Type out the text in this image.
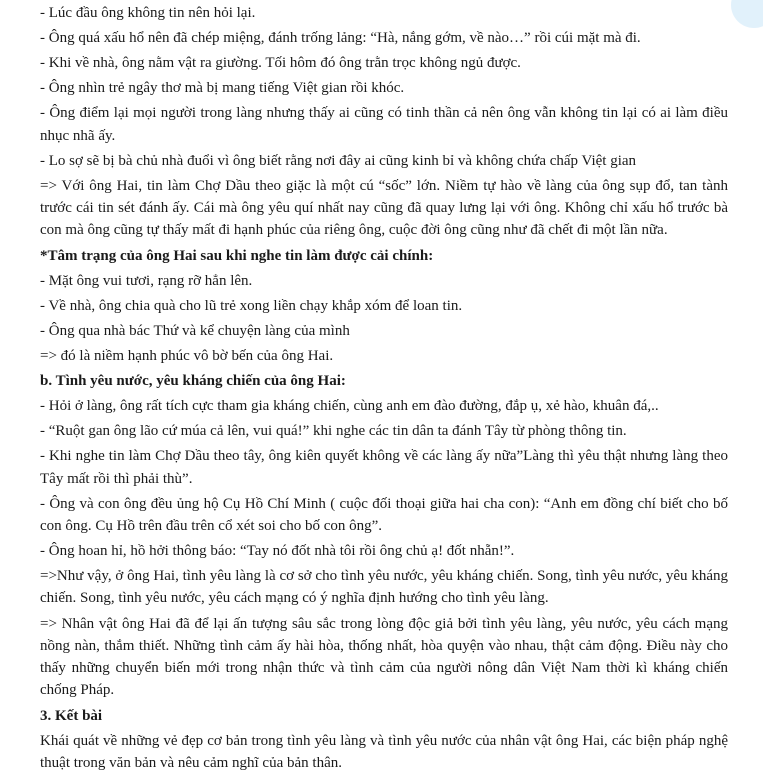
- Lúc đầu ông không tin nên hỏi lại.

- Ông quá xấu hổ nên đã chép miệng, đánh trống lảng: “Hà, nắng gớm, về nào…” rồi cúi mặt mà đi.

- Khi về nhà, ông nằm vật ra giường. Tối hôm đó ông trằn trọc không ngủ được.

- Ông nhìn trẻ ngây thơ mà bị mang tiếng Việt gian rồi khóc.

- Ông điểm lại mọi người trong làng nhưng thấy ai cũng có tinh thần cả nên ông vẫn không tin lại có ai làm điều nhục nhã ấy.

- Lo sợ sẽ bị bà chủ nhà đuổi vì ông biết rằng nơi đây ai cũng kinh bỉ và không chứa chấp Việt gian

=> Với ông Hai, tin làm Chợ Dầu theo giặc là một cú “sốc” lớn. Niềm tự hào về làng của ông sụp đổ, tan tành trước cái tin sét đánh ấy. Cái mà ông yêu quí nhất nay cũng đã quay lưng lại với ông. Không chỉ xấu hổ trước bà con mà ông cũng tự thấy mất đi hạnh phúc của riêng ông, cuộc đời ông cũng như đã chết đi một lần nữa.

*Tâm trạng của ông Hai sau khi nghe tin làm được cải chính:

- Mặt ông vui tươi, rạng rỡ hẳn lên.

- Về nhà, ông chia quà cho lũ trẻ xong liền chạy khắp xóm để loan tin.

- Ông qua nhà bác Thứ và kể chuyện làng của mình

=> đó là niềm hạnh phúc vô bờ bến của ông Hai.

b. Tình yêu nước, yêu kháng chiến của ông Hai:

- Hỏi ở làng, ông rất tích cực tham gia kháng chiến, cùng anh em đào đường, đắp ụ, xẻ hào, khuân đá,..

- “Ruột gan ông lão cứ múa cả lên, vui quá!” khi nghe các tin dân ta đánh Tây từ phòng thông tin.

- Khi nghe tin làm Chợ Dầu theo tây, ông kiên quyết không về các làng ấy nữa”Làng thì yêu thật nhưng làng theo Tây mất rồi thì phải thù”.

- Ông và con ông đều ủng hộ Cụ Hồ Chí Minh ( cuộc đối thoại giữa hai cha con): “Anh em đồng chí biết cho bố con ông. Cụ Hồ trên đầu trên cổ xét soi cho bố con ông”.

- Ông hoan hỉ, hồ hởi thông báo: “Tay nó đốt nhà tôi rồi ông chủ ạ! đốt nhẵn!”.

=>Như vậy, ở ông Hai, tình yêu làng là cơ sở cho tình yêu nước, yêu kháng chiến. Song, tình yêu nước, yêu kháng chiến. Song, tình yêu nước, yêu cách mạng có ý nghĩa định hướng cho tình yêu làng.

=> Nhân vật ông Hai đã để lại ấn tượng sâu sắc trong lòng độc giả bởi tình yêu làng, yêu nước, yêu cách mạng nồng nàn, thắm thiết. Những tình cảm ấy hài hòa, thống nhất, hòa quyện vào nhau, thật cảm động. Điều này cho thấy những chuyển biến mới trong nhận thức và tình cảm của người nông dân Việt Nam thời kì kháng chiến chống Pháp.

3. Kết bài

Khái quát về những vẻ đẹp cơ bản trong tình yêu làng và tình yêu nước của nhân vật ông Hai, các biện pháp nghệ thuật trong văn bản và nêu cảm nghĩ của bản thân.
